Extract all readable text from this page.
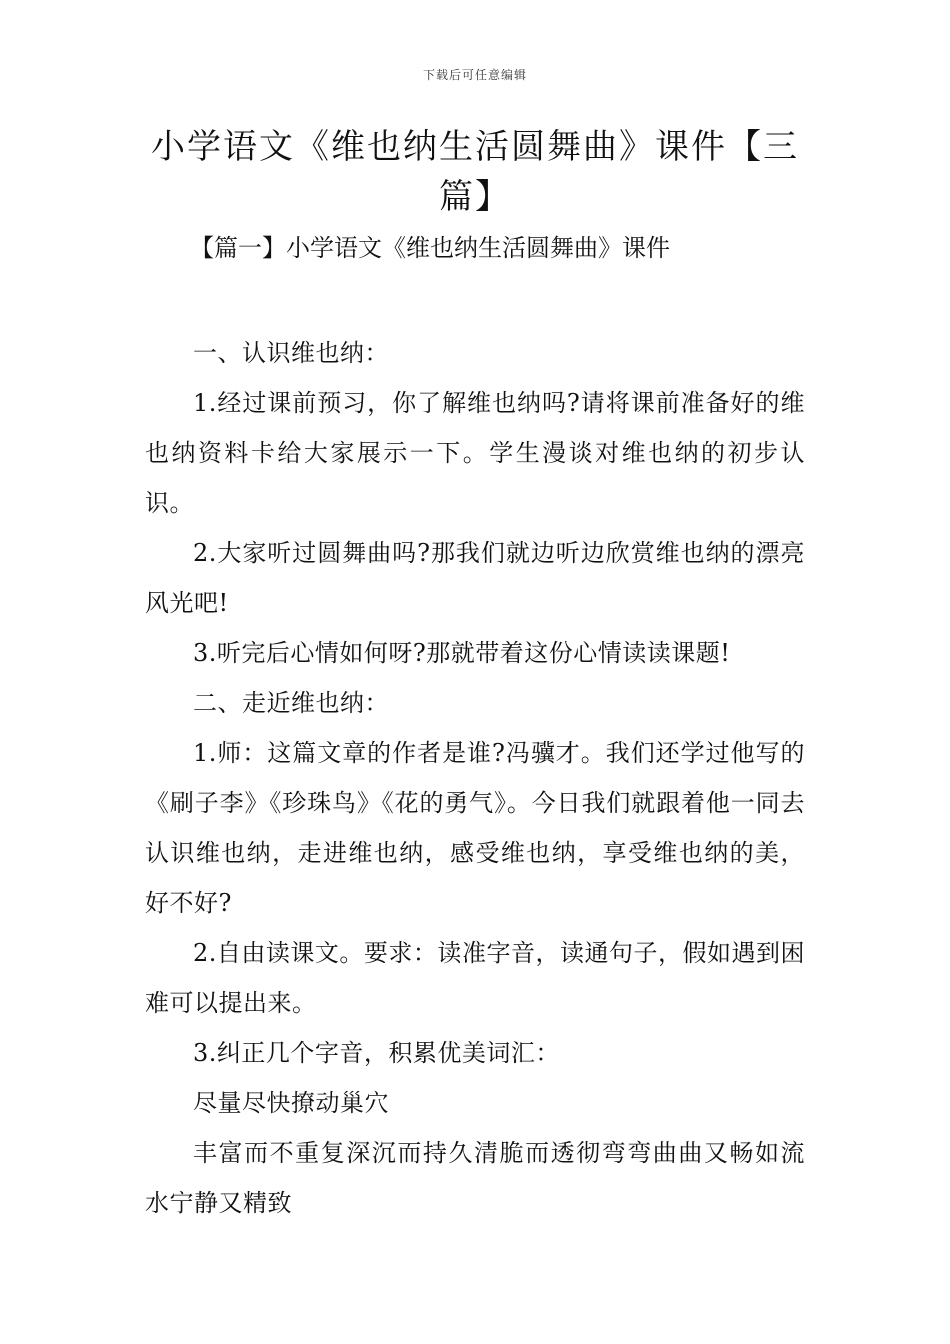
下载后可任意编辑
小学语文《维也纳生活圆舞曲》课件【三篇】
【篇一】小学语文《维也纳生活圆舞曲》课件

一、认识维也纳：

1.经过课前预习，你了解维也纳吗?请将课前准备好的维也纳资料卡给大家展示一下。学生漫谈对维也纳的初步认识。

2.大家听过圆舞曲吗?那我们就边听边欣赏维也纳的漂亮风光吧!

3.听完后心情如何呀?那就带着这份心情读读课题!

二、走近维也纳：

1.师：这篇文章的作者是谁?冯骥才。我们还学过他写的《刷子李》《珍珠鸟》《花的勇气》。今日我们就跟着他一同去认识维也纳，走进维也纳，感受维也纳，享受维也纳的美，好不好?

2.自由读课文。要求：读准字音，读通句子，假如遇到困难可以提出来。

3.纠正几个字音，积累优美词汇：

尽量尽快撩动巢穴

丰富而不重复深沉而持久清脆而透彻弯弯曲曲又畅如流水宁静又精致
